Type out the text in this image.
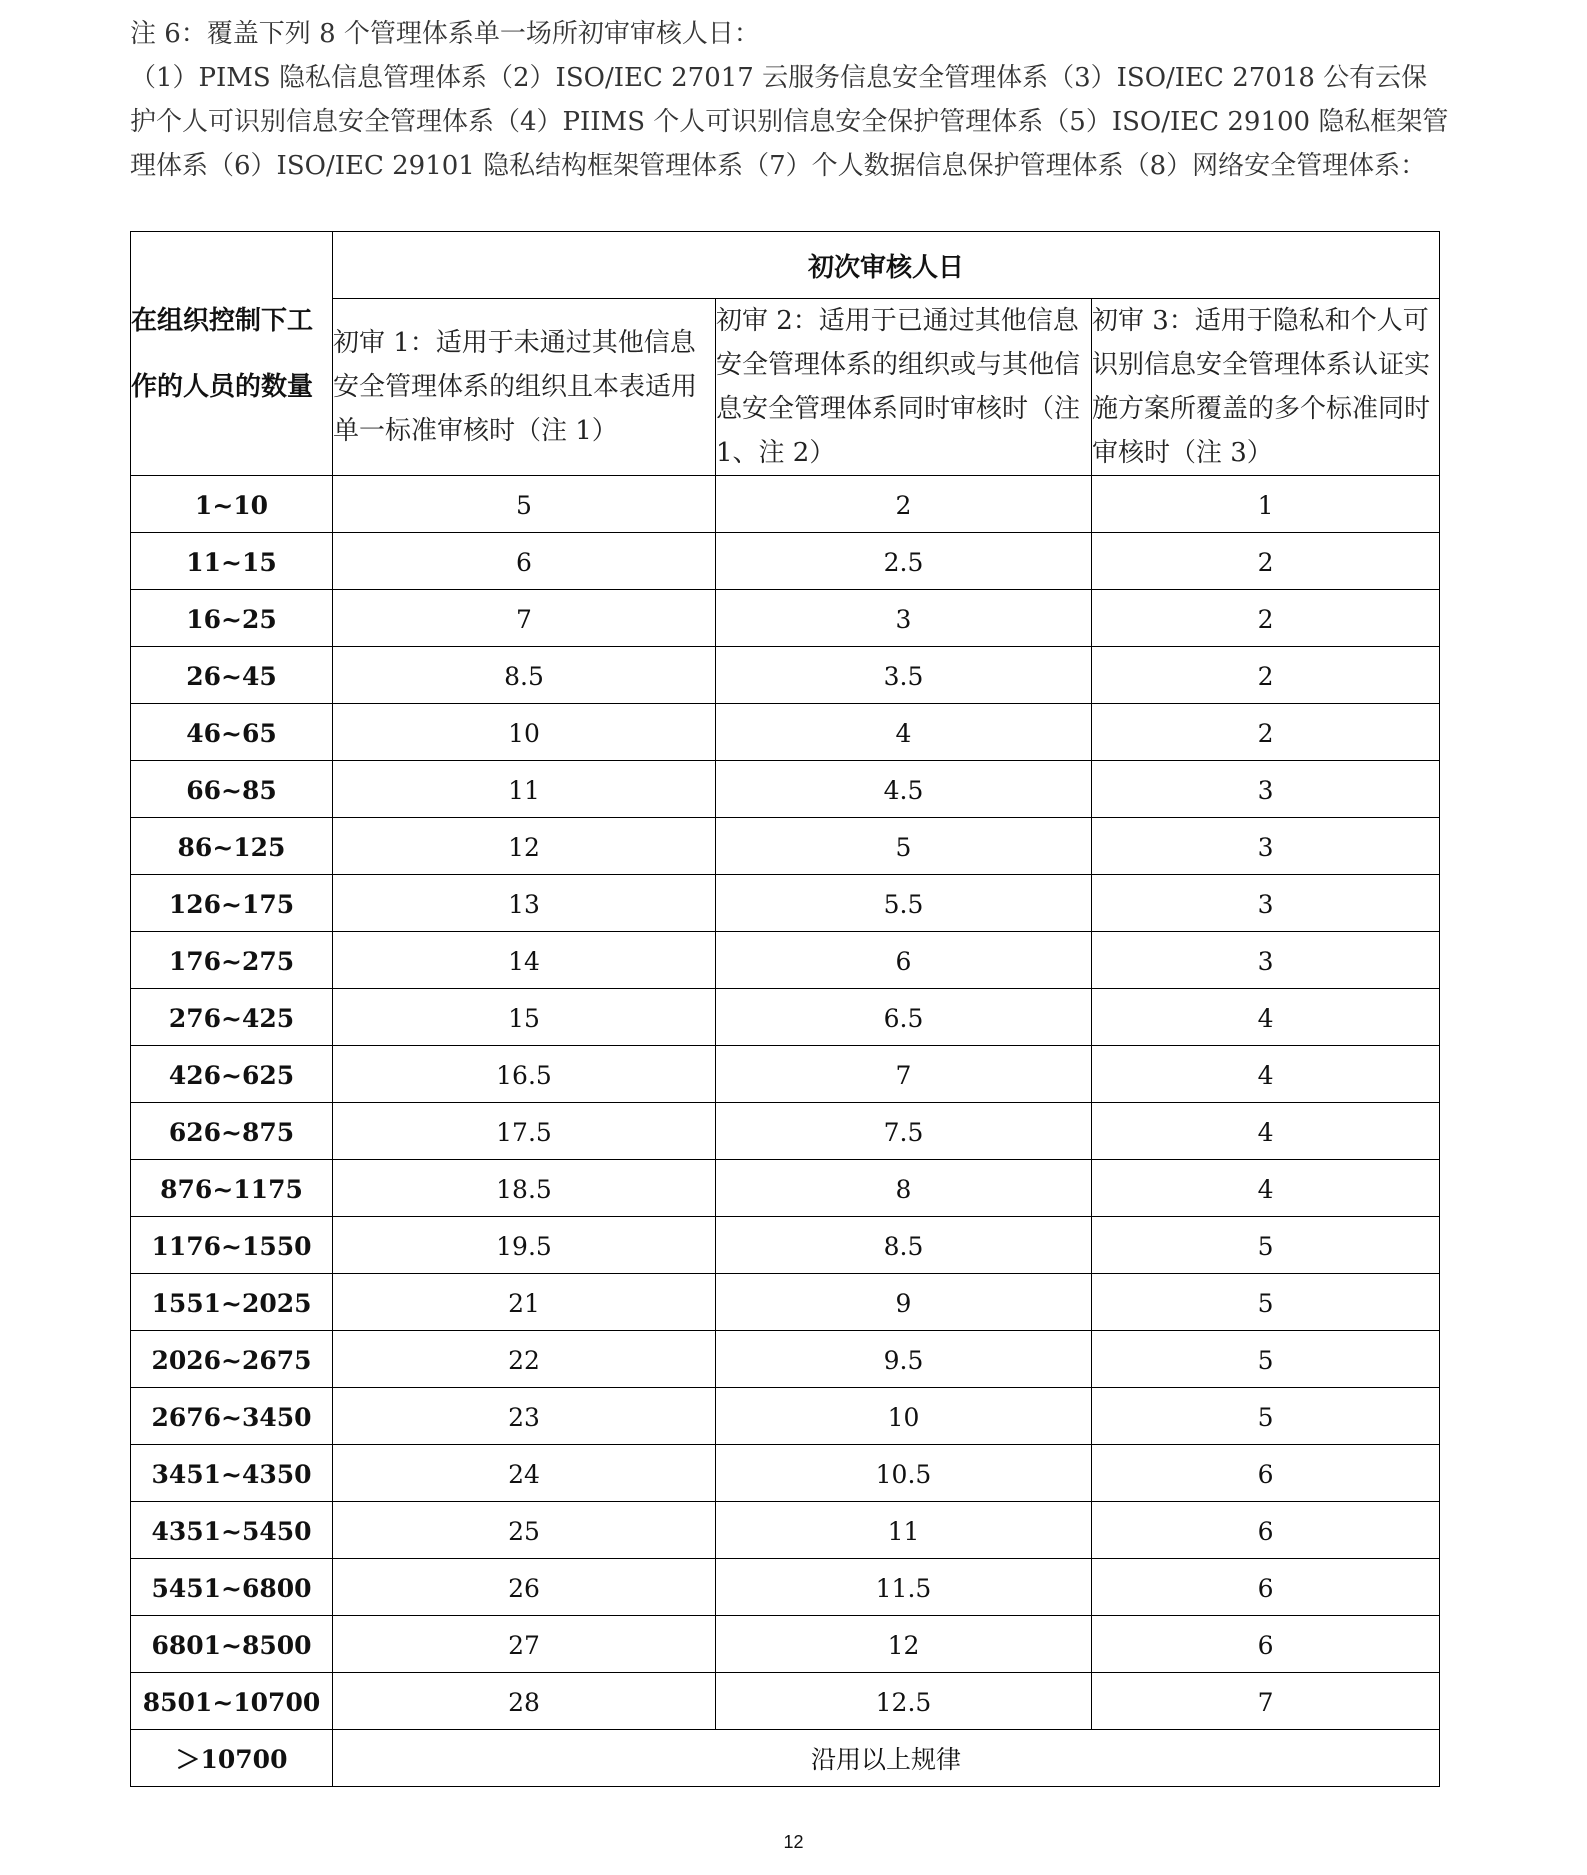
注 6：覆盖下列 8 个管理体系单一场所初审审核人日：

（1）PIMS 隐私信息管理体系（2）ISO/IEC 27017 云服务信息安全管理体系（3）ISO/IEC 27018 公有云保护个人可识别信息安全管理体系（4）PIIMS 个人可识别信息安全保护管理体系（5）ISO/IEC 29100 隐私框架管理体系（6）ISO/IEC 29101 隐私结构框架管理体系（7）个人数据信息保护管理体系（8）网络安全管理体系：

在组织控制下工作的人员的数量	初次审核人日		
	初审 1：适用于未通过其他信息安全管理体系的组织且本表适用单一标准审核时（注 1）	初审 2：适用于已通过其他信息安全管理体系的组织或与其他信息安全管理体系同时审核时（注 1、注 2）	初审 3：适用于隐私和个人可识别信息安全管理体系认证实施方案所覆盖的多个标准同时审核时（注 3）
1~10	5	2	1
11~15	6	2.5	2
16~25	7	3	2
26~45	8.5	3.5	2
46~65	10	4	2
66~85	11	4.5	3
86~125	12	5	3
126~175	13	5.5	3
176~275	14	6	3
276~425	15	6.5	4
426~625	16.5	7	4
626~875	17.5	7.5	4
876~1175	18.5	8	4
1176~1550	19.5	8.5	5
1551~2025	21	9	5
2026~2675	22	9.5	5
2676~3450	23	10	5
3451~4350	24	10.5	6
4351~5450	25	11	6
5451~6800	26	11.5	6
6801~8500	27	12	6
8501~10700	28	12.5	7
＞10700	沿用以上规律		
12
